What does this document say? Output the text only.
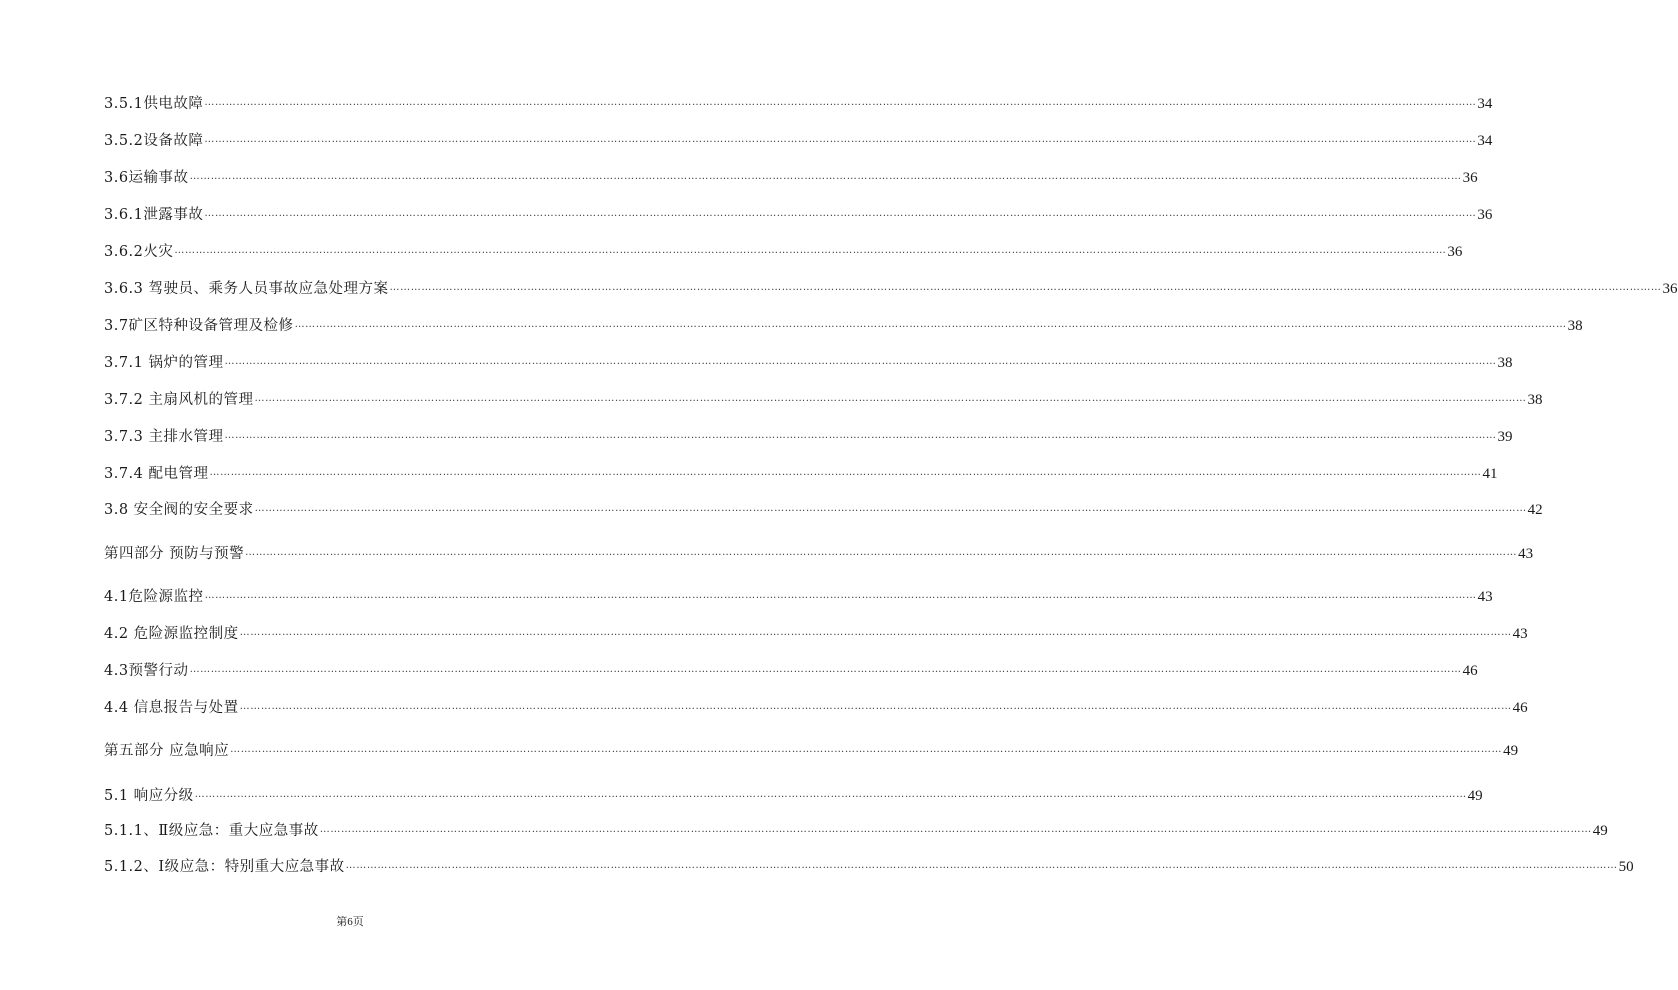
3.5.1供电故障 ……………………………………………………………………………………………………………………………………………………………………………………………………………………………………………………………………………………………………………………………… 34
3.5.2设备故障 ……………………………………………………………………………………………………………………………………………………………………………………………………………………………………………………………………………………………………………………………… 34
3.6运输事故 ……………………………………………………………………………………………………………………………………………………………………………………………………………………………………………………………………………………………………………………………… 36
3.6.1泄露事故 ……………………………………………………………………………………………………………………………………………………………………………………………………………………………………………………………………………………………………………………………… 36
3.6.2火灾 ……………………………………………………………………………………………………………………………………………………………………………………………………………………………………………………………………………………………………………………………… 36
3.6.3 驾驶员、乘务人员事故应急处理方案 ……………………………………………………………………………………………………………………………………………………………………………………………………………………………………………………………………………………………………………………………… 36
3.7矿区特种设备管理及检修 ……………………………………………………………………………………………………………………………………………………………………………………………………………………………………………………………………………………………………………………………… 38
3.7.1 锅炉的管理 ……………………………………………………………………………………………………………………………………………………………………………………………………………………………………………………………………………………………………………………………… 38
3.7.2 主扇风机的管理 ……………………………………………………………………………………………………………………………………………………………………………………………………………………………………………………………………………………………………………………………… 38
3.7.3 主排水管理 ……………………………………………………………………………………………………………………………………………………………………………………………………………………………………………………………………………………………………………………………… 39
3.7.4 配电管理 ……………………………………………………………………………………………………………………………………………………………………………………………………………………………………………………………………………………………………………………………… 41
3.8 安全阀的安全要求 ……………………………………………………………………………………………………………………………………………………………………………………………………………………………………………………………………………………………………………………………… 42
第四部分 预防与预警 ……………………………………………………………………………………………………………………………………………………………………………………………………………………………………………………………………………………………………………………………… 43
4.1危险源监控 ……………………………………………………………………………………………………………………………………………………………………………………………………………………………………………………………………………………………………………………………… 43
4.2 危险源监控制度 ……………………………………………………………………………………………………………………………………………………………………………………………………………………………………………………………………………………………………………………………… 43
4.3预警行动 ……………………………………………………………………………………………………………………………………………………………………………………………………………………………………………………………………………………………………………………………… 46
4.4 信息报告与处置 ……………………………………………………………………………………………………………………………………………………………………………………………………………………………………………………………………………………………………………………………… 46
第五部分 应急响应 ……………………………………………………………………………………………………………………………………………………………………………………………………………………………………………………………………………………………………………………………… 49
5.1 响应分级 ……………………………………………………………………………………………………………………………………………………………………………………………………………………………………………………………………………………………………………………………… 49
5.1.1、Ⅱ级应急：重大应急事故 ……………………………………………………………………………………………………………………………………………………………………………………………………………………………………………………………………………………………………………………………… 49
5.1.2、Ⅰ级应急：特别重大应急事故 ……………………………………………………………………………………………………………………………………………………………………………………………………………………………………………………………………………………………………………………………… 50
第6页
